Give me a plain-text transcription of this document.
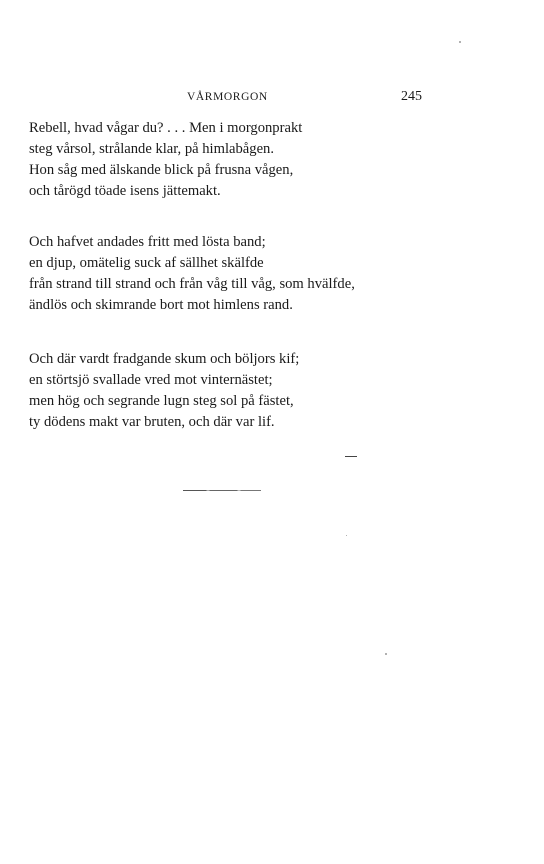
VÅRMORGON	245
Rebell, hvad vågar du? . . . Men i morgonprakt
steg vårsol, strålande klar, på himlabågen.
Hon såg med älskande blick på frusna vågen,
och tårögd töade isens jättemakt.
Och hafvet andades fritt med lösta band;
en djup, omätelig suck af sällhet skälfde
från strand till strand och från våg till våg, som hvälfde,
ändlös och skimrande bort mot himlens rand.
Och där vardt fradgande skum och böljors kif;
en störtsjö svallade vred mot vinternästet;
men hög och segrande lugn steg sol på fästet,
ty dödens makt var bruten, och där var lif.
